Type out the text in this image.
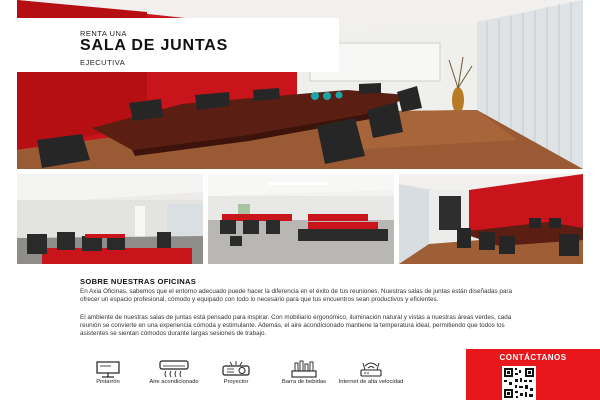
RENTA UNA
SALA DE JUNTAS
EJECUTIVA
SOBRE NUESTRAS OFICINAS
En Axia Oficinas, sabemos que el entorno adecuado puede hacer la diferencia en el éxito de tus reuniones. Nuestras salas de juntas están diseñadas para ofrecer un espacio profesional, cómodo y equipado con todo lo necesario para que tus encuentros sean productivos y eficientes.
El ambiente de nuestras salas de juntas está pensado para inspirar. Con mobiliario ergonómico, iluminación natural y vistas a nuestras áreas verdes, cada reunión se convierte en una experiencia cómoda y estimulante. Además, el aire acondicionado mantiene la temperatura ideal, permitiendo que todos los asistentes se sientan cómodos durante largas sesiones de trabajo.
Pintarrón	Aire acondicionado	Proyector	Barra de bebidas	Internet de alta velocidad
CONTÁCTANOS
